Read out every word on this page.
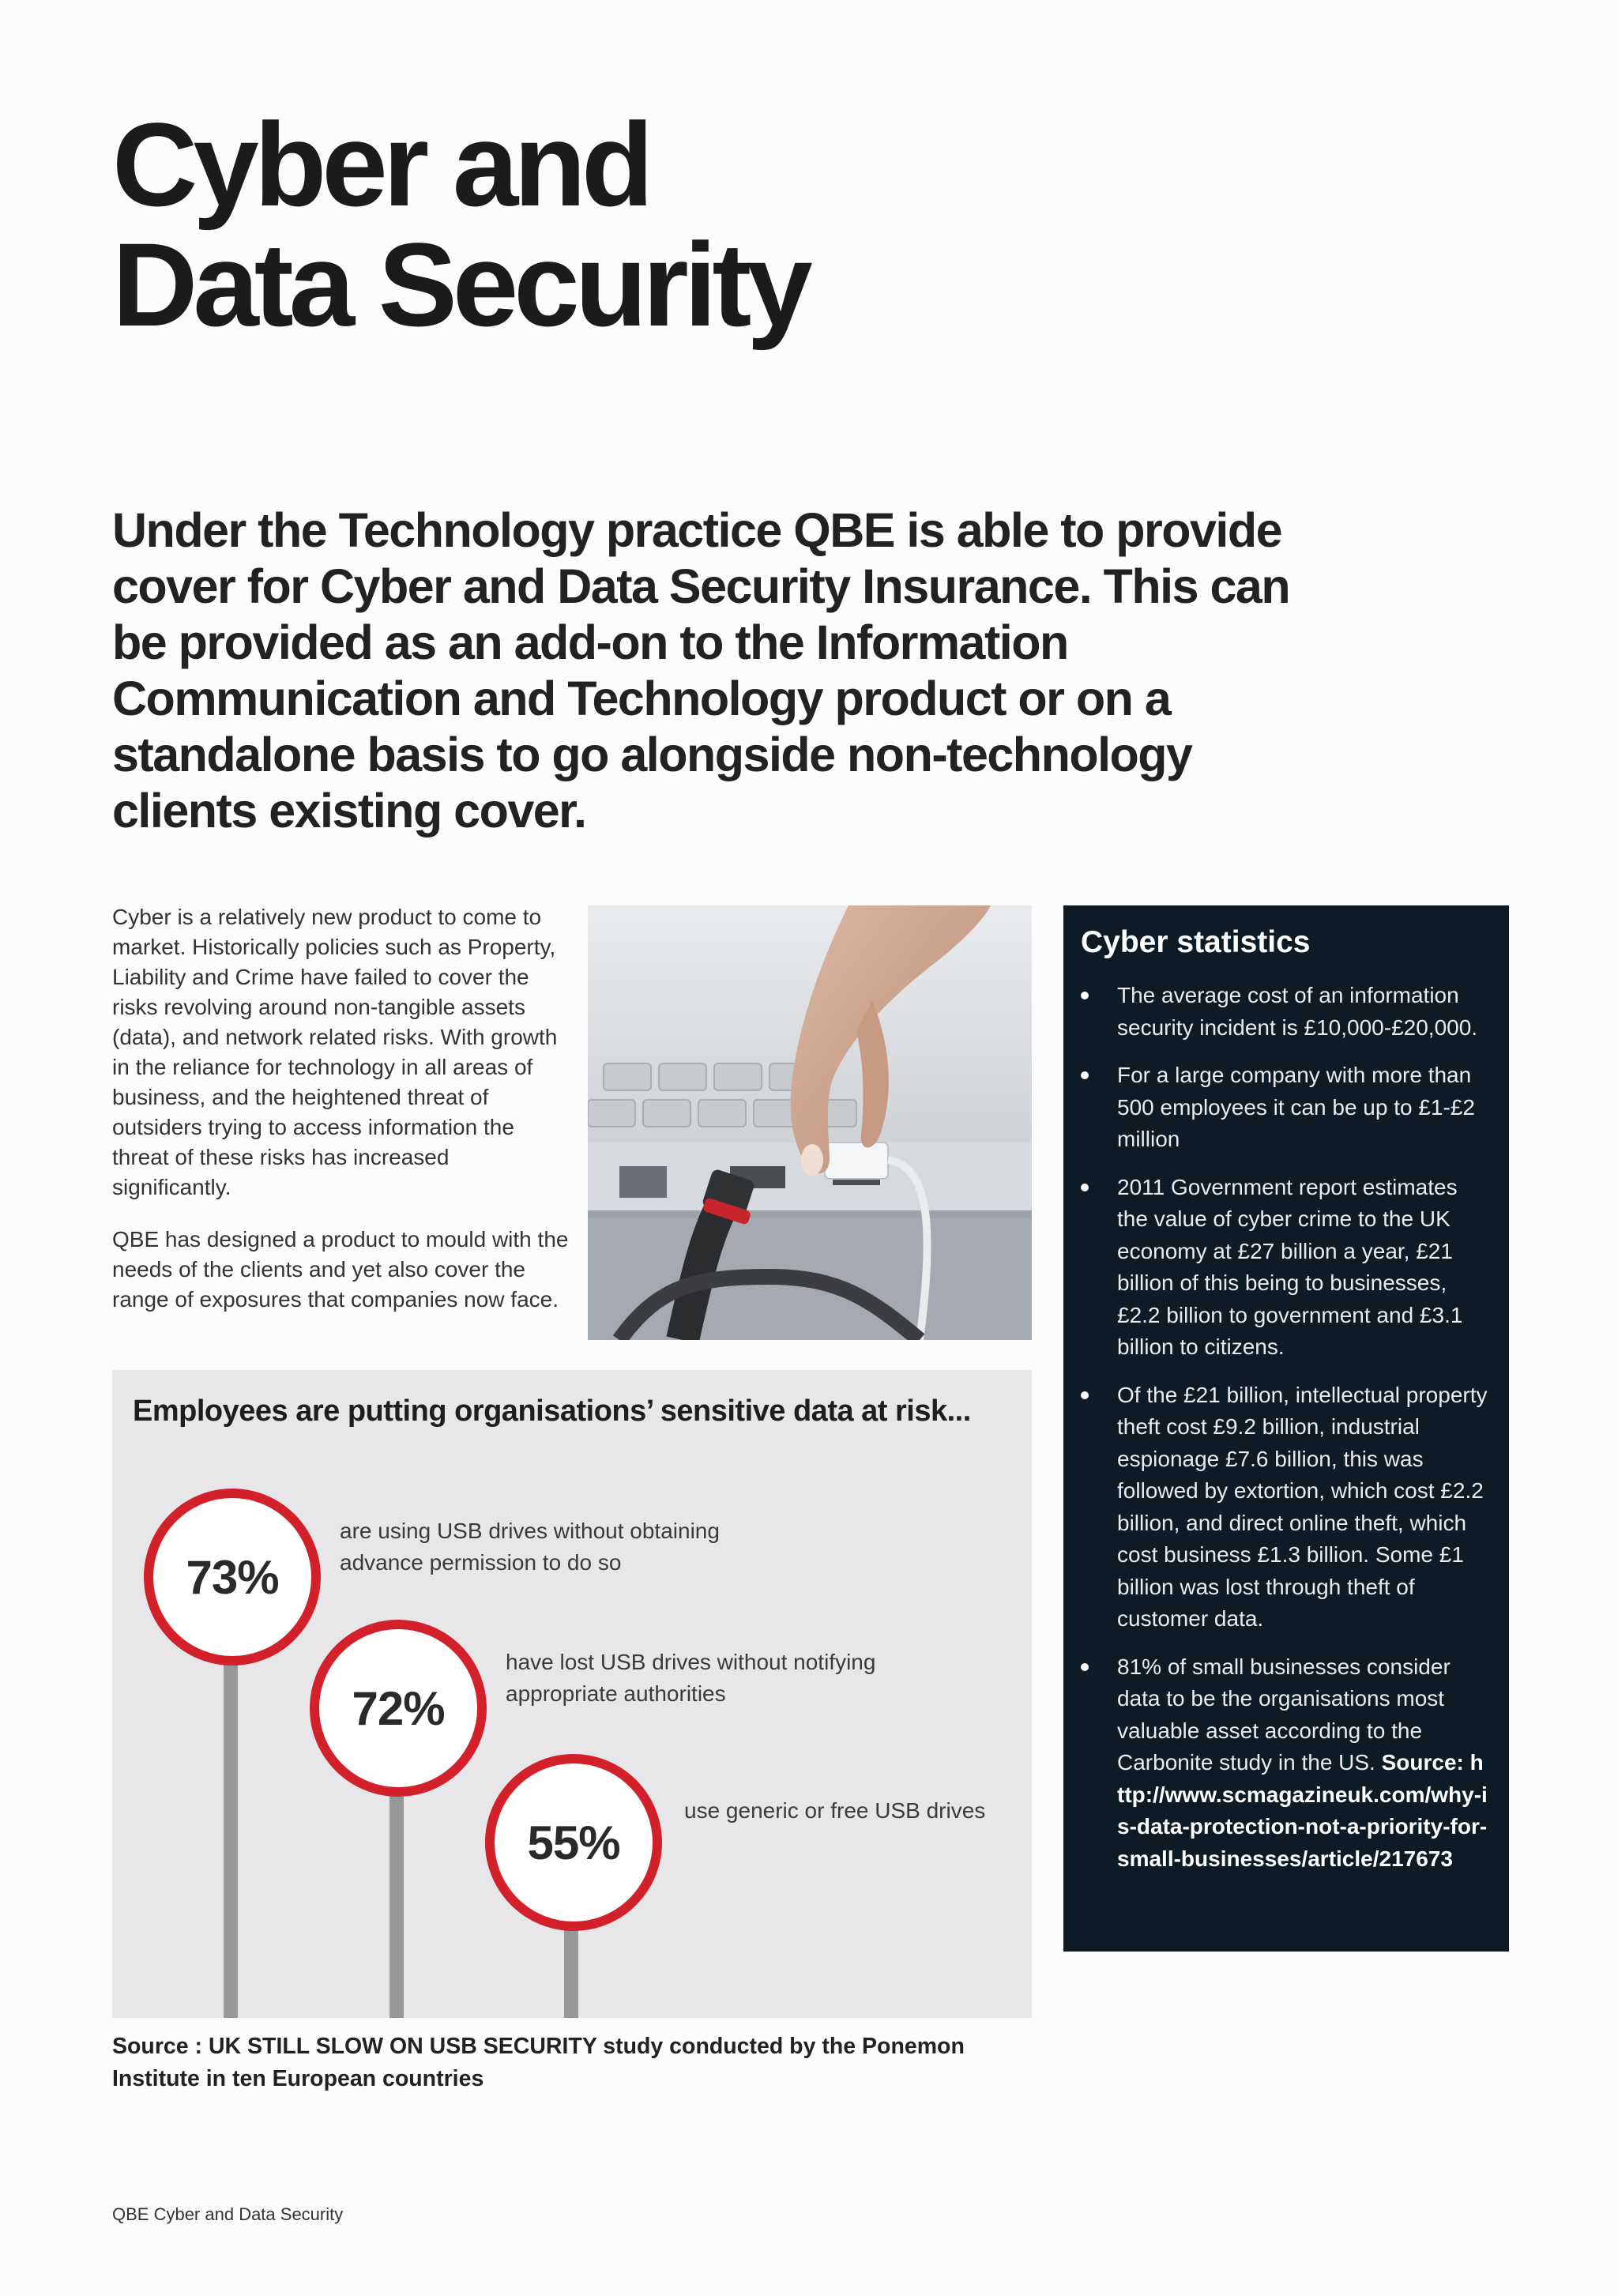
Cyber and
Data Security

Under the Technology practice QBE is able to provide cover for Cyber and Data Security Insurance. This can be provided as an add-on to the Information Communication and Technology product or on a standalone basis to go alongside non-technology clients existing cover.

Cyber is a relatively new product to come to market. Historically policies such as Property, Liability and Crime have failed to cover the risks revolving around non-tangible assets (data), and network related risks. With growth in the reliance for technology in all areas of business, and the heightened threat of outsiders trying to access information the threat of these risks has increased significantly.

QBE has designed a product to mould with the needs of the clients and yet also cover the range of exposures that companies now face.

Cyber statistics
The average cost of an information security incident is £10,000-£20,000.
For a large company with more than 500 employees it can be up to £1-£2 million
2011 Government report estimates the value of cyber crime to the UK economy at £27 billion a year, £21 billion of this being to businesses, £2.2 billion to government and £3.1 billion to citizens.
Of the £21 billion, intellectual property theft cost £9.2 billion, industrial espionage £7.6 billion, this was followed by extortion, which cost £2.2 billion, and direct online theft, which cost business £1.3 billion. Some £1 billion was lost through theft of customer data.
81% of small businesses consider data to be the organisations most valuable asset according to the Carbonite study in the US. Source: http://www.scmagazineuk.com/why-is-data-protection-not-a-priority-for-small-businesses/article/217673
Employees are putting organisations’ sensitive data at risk...
73%
are using USB drives without obtaining advance permission to do so
72%
have lost USB drives without notifying appropriate authorities
55%
use generic or free USB drives
Source : UK STILL SLOW ON USB SECURITY study conducted by the Ponemon Institute in ten European countries
QBE Cyber and Data Security
